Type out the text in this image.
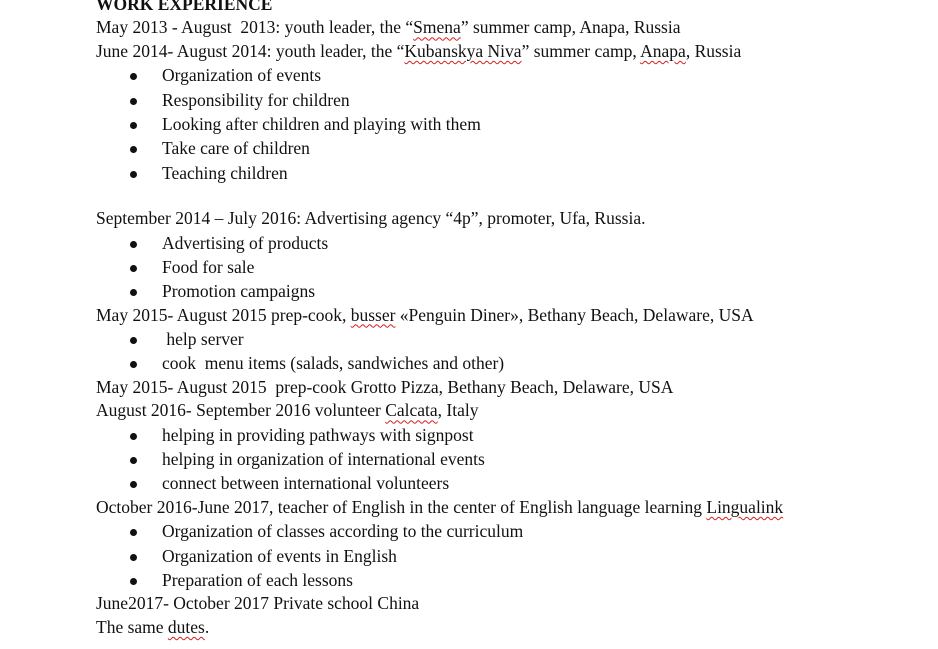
WORK EXPERIENCE
May 2013 - August  2013: youth leader, the “Smena” summer camp, Anapa, Russia
June 2014- August 2014: youth leader, the “Kubanskya Niva” summer camp, Anapa, Russia
Organization of events
Responsibility for children
Looking after children and playing with them
Take care of children
Teaching children
September 2014 – July 2016: Advertising agency “4p”, promoter, Ufa, Russia.
Advertising of products
Food for sale
Promotion campaigns
May 2015- August 2015 prep-cook, busser «Penguin Diner», Bethany Beach, Delaware, USA
help server
cook  menu items (salads, sandwiches and other)
May 2015- August 2015  prep-cook Grotto Pizza, Bethany Beach, Delaware, USA
August 2016- September 2016 volunteer Calcata, Italy
helping in providing pathways with signpost
helping in organization of international events
connect between international volunteers
October 2016-June 2017, teacher of English in the center of English language learning Lingualink
Organization of classes according to the curriculum
Organization of events in English
Preparation of each lessons
June2017- October 2017 Private school China
The same dutes.
